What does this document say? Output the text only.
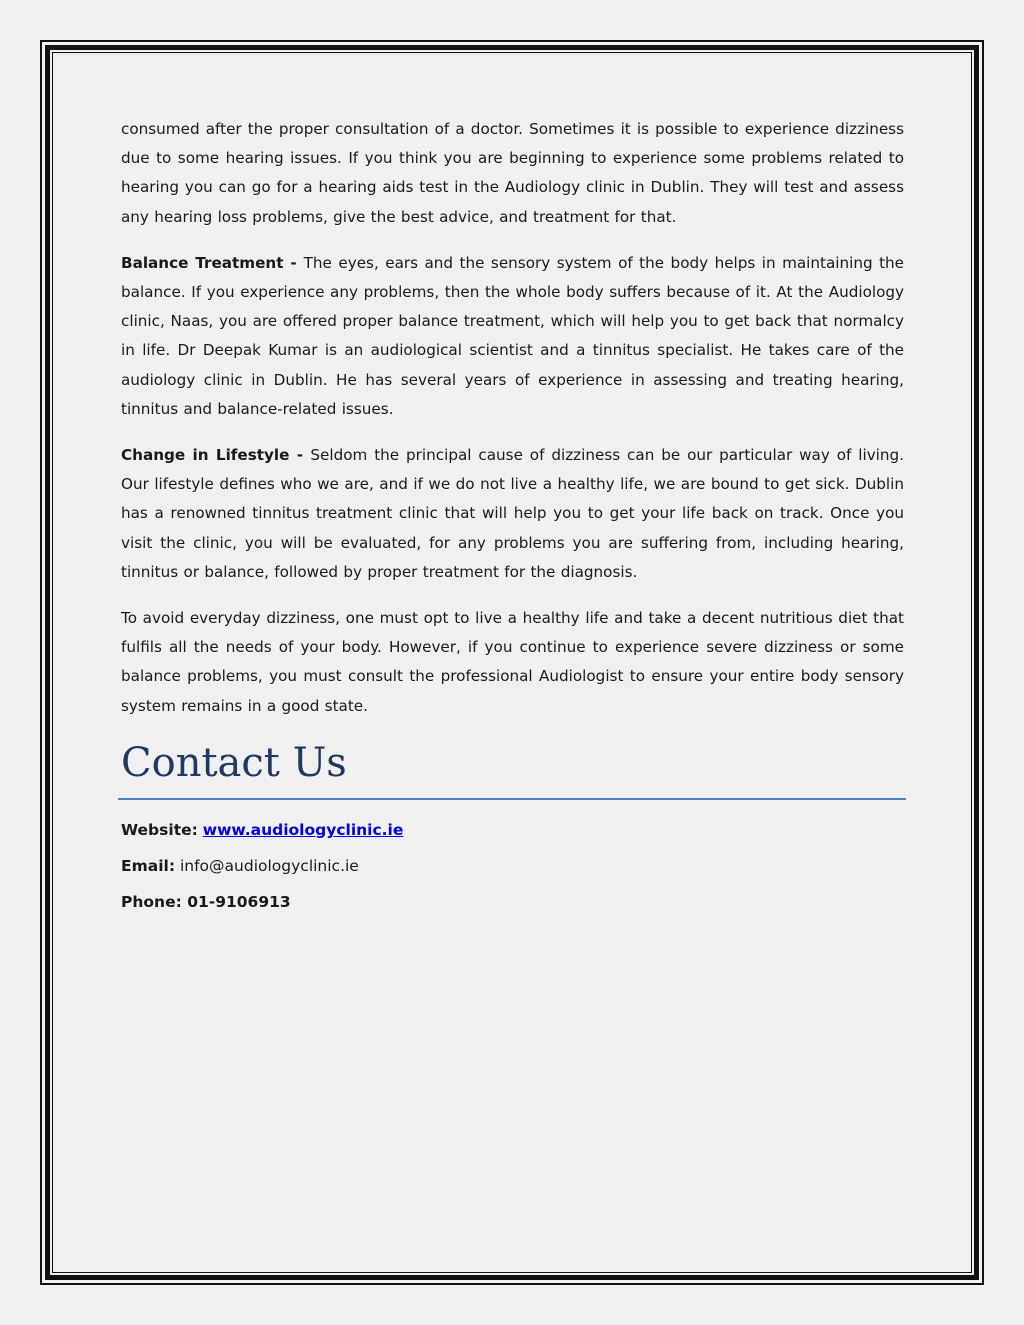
consumed after the proper consultation of a doctor. Sometimes it is possible to experience dizziness due to some hearing issues. If you think you are beginning to experience some problems related to hearing you can go for a hearing aids test in the Audiology clinic in Dublin. They will test and assess any hearing loss problems, give the best advice, and treatment for that.

Balance Treatment - The eyes, ears and the sensory system of the body helps in maintaining the balance. If you experience any problems, then the whole body suffers because of it. At the Audiology clinic, Naas, you are offered proper balance treatment, which will help you to get back that normalcy in life. Dr Deepak Kumar is an audiological scientist and a tinnitus specialist. He takes care of the audiology clinic in Dublin. He has several years of experience in assessing and treating hearing, tinnitus and balance-related issues.

Change in Lifestyle - Seldom the principal cause of dizziness can be our particular way of living. Our lifestyle defines who we are, and if we do not live a healthy life, we are bound to get sick. Dublin has a renowned tinnitus treatment clinic that will help you to get your life back on track. Once you visit the clinic, you will be evaluated, for any problems you are suffering from, including hearing, tinnitus or balance, followed by proper treatment for the diagnosis.

To avoid everyday dizziness, one must opt to live a healthy life and take a decent nutritious diet that fulfils all the needs of your body. However, if you continue to experience severe dizziness or some balance problems, you must consult the professional Audiologist to ensure your entire body sensory system remains in a good state.

Contact Us
Website: www.audiologyclinic.ie
Email: info@audiologyclinic.ie
Phone: 01-9106913
